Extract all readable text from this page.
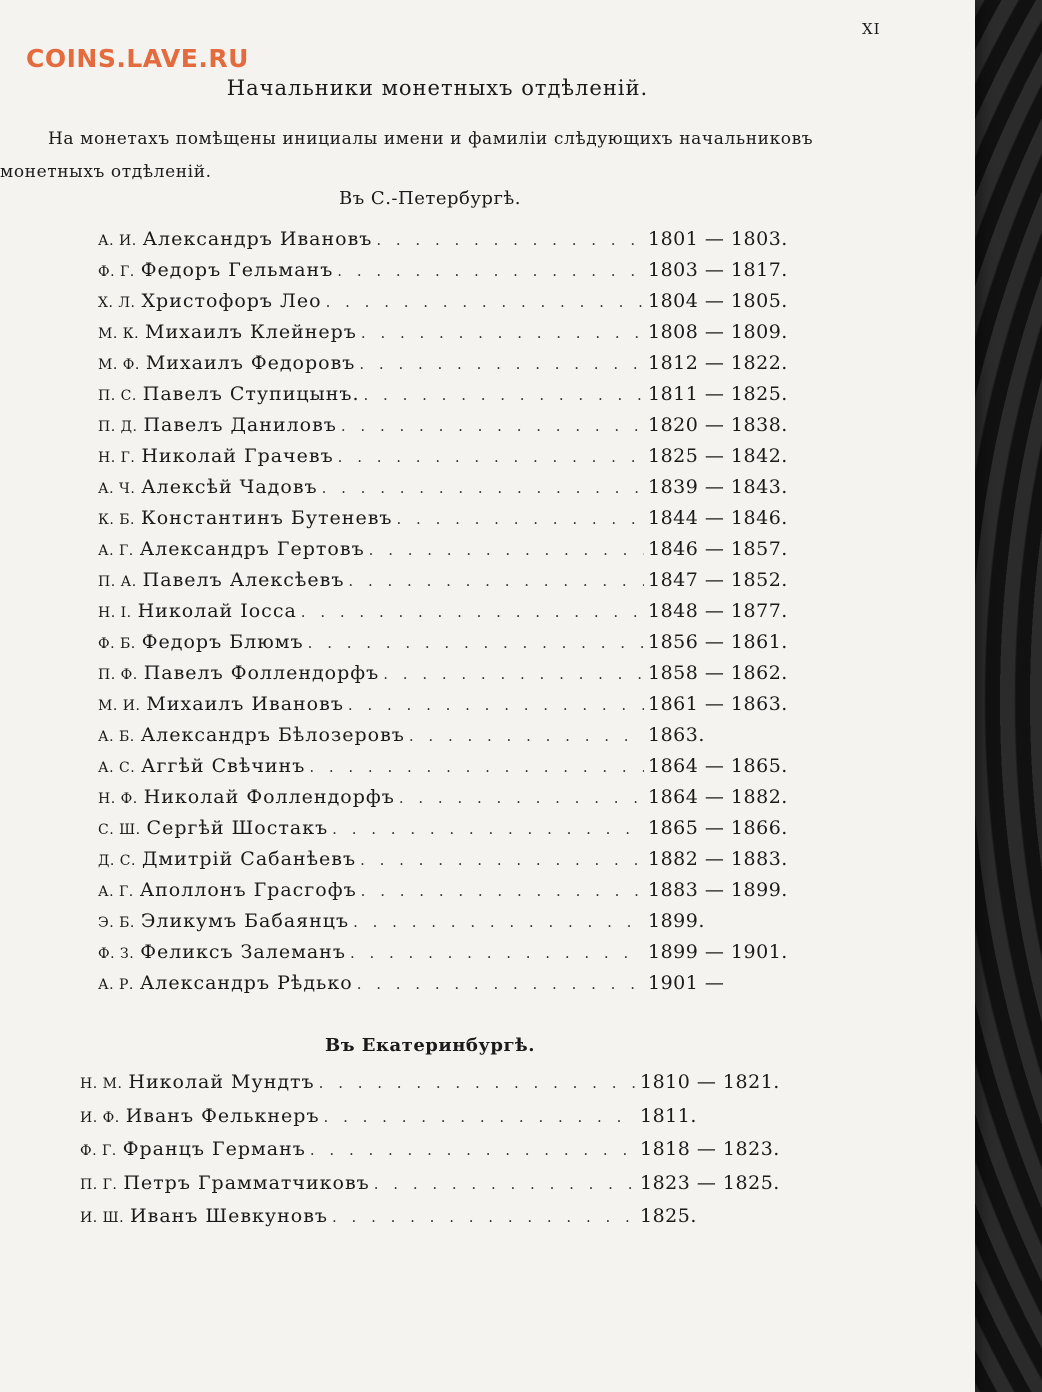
COINS.LAVE.RU
XI
Начальники монетныхъ отдѣленій.
На монетахъ помѣщены инициалы имени и фамиліи слѣдующихъ начальниковъ
монетныхъ отдѣленій.
Въ С.-Петербургѣ.
А. И. Александръ Ивановъ . . .	1801 — 1803.
Ф. Г. Федоръ Гельманъ . . .	1803 — 1817.
Х. Л. Христофоръ Лео . . .	1804 — 1805.
М. К. Михаилъ Клейнеръ . . .	1808 — 1809.
М. Ф. Михаилъ Федоровъ . . .	1812 — 1822.
П. С. Павелъ Ступицынъ. . . .	1811 — 1825.
П. Д. Павелъ Даниловъ . . .	1820 — 1838.
Н. Г. Николай Грачевъ . . .	1825 — 1842.
А. Ч. Алексѣй Чадовъ . . .	1839 — 1843.
К. Б. Константинъ Бутеневъ . . .	1844 — 1846.
А. Г. Александръ Гертовъ . . .	1846 — 1857.
П. А. Павелъ Алексѣевъ . . .	1847 — 1852.
Н. І. Николай Іосса . . .	1848 — 1877.
Ф. Б. Федоръ Блюмъ . . .	1856 — 1861.
П. Ф. Павелъ Фоллендорфъ . . .	1858 — 1862.
М. И. Михаилъ Ивановъ . . .	1861 — 1863.
А. Б. Александръ Бѣлозеровъ . . .	1863.
А. С. Аггѣй Свѣчинъ . . .	1864 — 1865.
Н. Ф. Николай Фоллендорфъ . . .	1864 — 1882.
С. Ш. Сергѣй Шостакъ . . .	1865 — 1866.
Д. С. Дмитрій Сабанѣевъ . . .	1882 — 1883.
А. Г. Аполлонъ Грасгофъ . . .	1883 — 1899.
Э. Б. Эликумъ Бабаянцъ . . .	1899.
Ф. З. Феликсъ Залеманъ . . .	1899 — 1901.
А. Р. Александръ Рѣдько . . .	1901 —
Въ Екатеринбургѣ.
Н. М. Николай Мундтъ . . .	1810 — 1821.
И. Ф. Иванъ Фелькнеръ . . .	1811.
Ф. Г. Францъ Германъ . . .	1818 — 1823.
П. Г. Петръ Грамматчиковъ . . .	1823 — 1825.
И. Ш. Иванъ Шевкуновъ . . .	1825.
